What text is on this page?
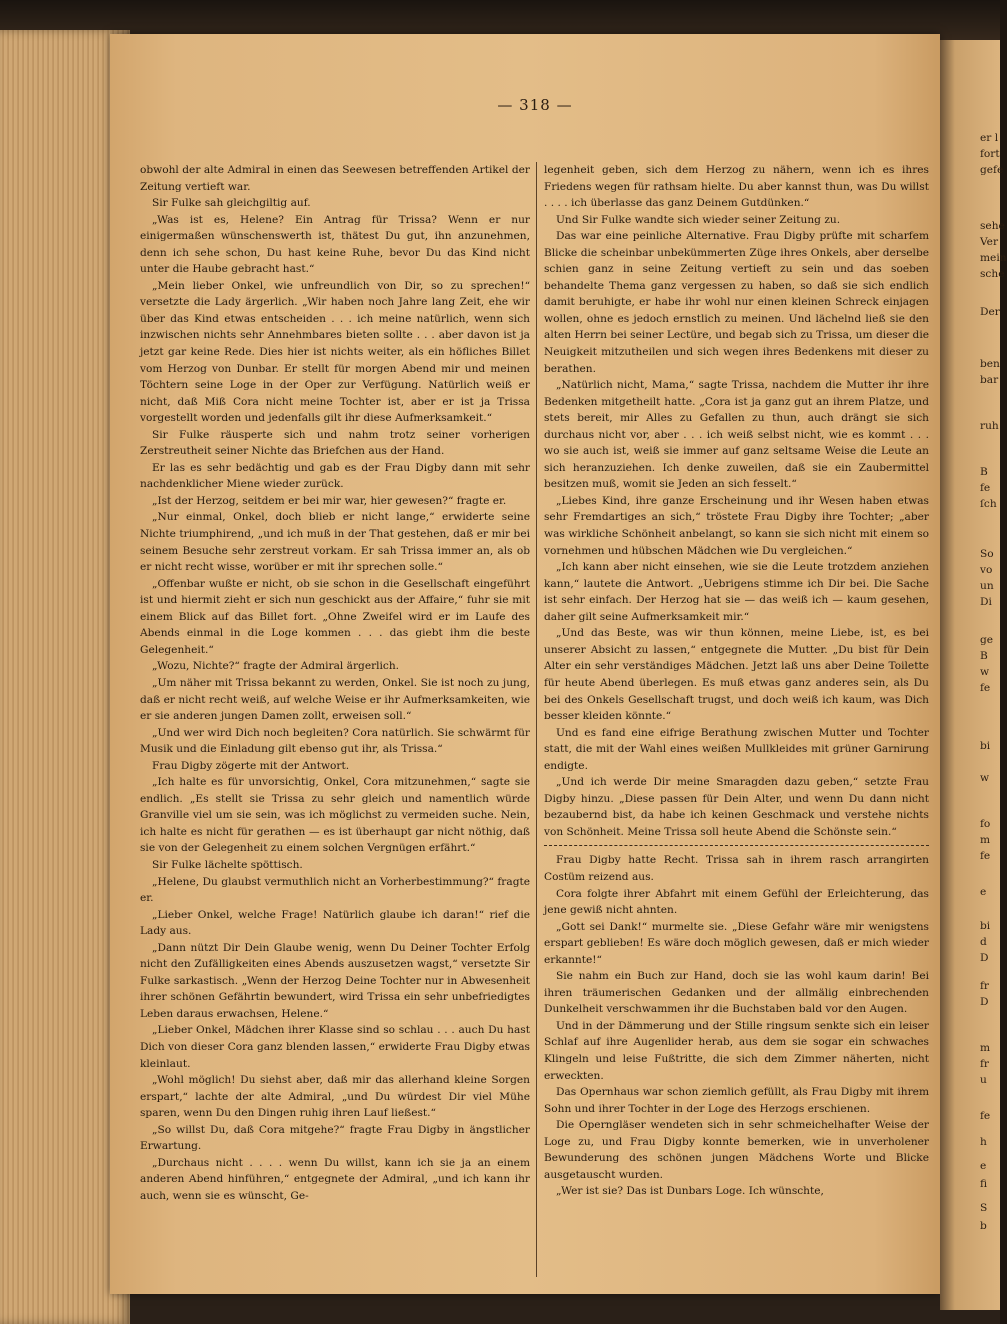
— 318 —

obwohl der alte Admiral in einen das Seewesen betreffenden Artikel der Zeitung vertieft war.

Sir Fulke sah gleichgiltig auf.

„Was ist es, Helene? Ein Antrag für Trissa? Wenn er nur einigermaßen wünschenswerth ist, thätest Du gut, ihn anzunehmen, denn ich sehe schon, Du hast keine Ruhe, bevor Du das Kind nicht unter die Haube gebracht hast.“

„Mein lieber Onkel, wie unfreundlich von Dir, so zu sprechen!“ versetzte die Lady ärgerlich. „Wir haben noch Jahre lang Zeit, ehe wir über das Kind etwas entscheiden . . . ich meine natürlich, wenn sich inzwischen nichts sehr Annehmbares bieten sollte . . . aber davon ist ja jetzt gar keine Rede. Dies hier ist nichts weiter, als ein höfliches Billet vom Herzog von Dunbar. Er stellt für morgen Abend mir und meinen Töchtern seine Loge in der Oper zur Verfügung. Natürlich weiß er nicht, daß Miß Cora nicht meine Tochter ist, aber er ist ja Trissa vorgestellt worden und jedenfalls gilt ihr diese Aufmerksamkeit.“

Sir Fulke räusperte sich und nahm trotz seiner vorherigen Zerstreutheit seiner Nichte das Briefchen aus der Hand.

Er las es sehr bedächtig und gab es der Frau Digby dann mit sehr nachdenklicher Miene wieder zurück.

„Ist der Herzog, seitdem er bei mir war, hier gewesen?“ fragte er.

„Nur einmal, Onkel, doch blieb er nicht lange,“ erwiderte seine Nichte triumphirend, „und ich muß in der That gestehen, daß er mir bei seinem Besuche sehr zerstreut vorkam. Er sah Trissa immer an, als ob er nicht recht wisse, worüber er mit ihr sprechen solle.“

„Offenbar wußte er nicht, ob sie schon in die Gesellschaft eingeführt ist und hiermit zieht er sich nun geschickt aus der Affaire,“ fuhr sie mit einem Blick auf das Billet fort. „Ohne Zweifel wird er im Laufe des Abends einmal in die Loge kommen . . . das giebt ihm die beste Gelegenheit.“

„Wozu, Nichte?“ fragte der Admiral ärgerlich.

„Um näher mit Trissa bekannt zu werden, Onkel. Sie ist noch zu jung, daß er nicht recht weiß, auf welche Weise er ihr Aufmerksamkeiten, wie er sie anderen jungen Damen zollt, erweisen soll.“

„Und wer wird Dich noch begleiten? Cora natürlich. Sie schwärmt für Musik und die Einladung gilt ebenso gut ihr, als Trissa.“

Frau Digby zögerte mit der Antwort.

„Ich halte es für unvorsichtig, Onkel, Cora mitzunehmen,“ sagte sie endlich. „Es stellt sie Trissa zu sehr gleich und namentlich würde Granville viel um sie sein, was ich möglichst zu vermeiden suche. Nein, ich halte es nicht für gerathen — es ist überhaupt gar nicht nöthig, daß sie von der Gelegenheit zu einem solchen Vergnügen erfährt.“

Sir Fulke lächelte spöttisch.

„Helene, Du glaubst vermuthlich nicht an Vorherbestimmung?“ fragte er.

„Lieber Onkel, welche Frage! Natürlich glaube ich daran!“ rief die Lady aus.

„Dann nützt Dir Dein Glaube wenig, wenn Du Deiner Tochter Erfolg nicht den Zufälligkeiten eines Abends auszusetzen wagst,“ versetzte Sir Fulke sarkastisch. „Wenn der Herzog Deine Tochter nur in Abwesenheit ihrer schönen Gefährtin bewundert, wird Trissa ein sehr unbefriedigtes Leben daraus erwachsen, Helene.“

„Lieber Onkel, Mädchen ihrer Klasse sind so schlau . . . auch Du hast Dich von dieser Cora ganz blenden lassen,“ erwiderte Frau Digby etwas kleinlaut.

„Wohl möglich! Du siehst aber, daß mir das allerhand kleine Sorgen erspart,“ lachte der alte Admiral, „und Du würdest Dir viel Mühe sparen, wenn Du den Dingen ruhig ihren Lauf ließest.“

„So willst Du, daß Cora mitgehe?“ fragte Frau Digby in ängstlicher Erwartung.

„Durchaus nicht . . . . wenn Du willst, kann ich sie ja an einem anderen Abend hinführen,“ entgegnete der Admiral, „und ich kann ihr auch, wenn sie es wünscht, Ge-

legenheit geben, sich dem Herzog zu nähern, wenn ich es ihres Friedens wegen für rathsam hielte. Du aber kannst thun, was Du willst . . . . ich überlasse das ganz Deinem Gutdünken.“

Und Sir Fulke wandte sich wieder seiner Zeitung zu.

Das war eine peinliche Alternative. Frau Digby prüfte mit scharfem Blicke die scheinbar unbekümmerten Züge ihres Onkels, aber derselbe schien ganz in seine Zeitung vertieft zu sein und das soeben behandelte Thema ganz vergessen zu haben, so daß sie sich endlich damit beruhigte, er habe ihr wohl nur einen kleinen Schreck einjagen wollen, ohne es jedoch ernstlich zu meinen. Und lächelnd ließ sie den alten Herrn bei seiner Lectüre, und begab sich zu Trissa, um dieser die Neuigkeit mitzutheilen und sich wegen ihres Bedenkens mit dieser zu berathen.

„Natürlich nicht, Mama,“ sagte Trissa, nachdem die Mutter ihr ihre Bedenken mitgetheilt hatte. „Cora ist ja ganz gut an ihrem Platze, und stets bereit, mir Alles zu Gefallen zu thun, auch drängt sie sich durchaus nicht vor, aber . . . ich weiß selbst nicht, wie es kommt . . . wo sie auch ist, weiß sie immer auf ganz seltsame Weise die Leute an sich heranzuziehen. Ich denke zuweilen, daß sie ein Zaubermittel besitzen muß, womit sie Jeden an sich fesselt.“

„Liebes Kind, ihre ganze Erscheinung und ihr Wesen haben etwas sehr Fremdartiges an sich,“ tröstete Frau Digby ihre Tochter; „aber was wirkliche Schönheit anbelangt, so kann sie sich nicht mit einem so vornehmen und hübschen Mädchen wie Du vergleichen.“

„Ich kann aber nicht einsehen, wie sie die Leute trotzdem anziehen kann,“ lautete die Antwort. „Uebrigens stimme ich Dir bei. Die Sache ist sehr einfach. Der Herzog hat sie — das weiß ich — kaum gesehen, daher gilt seine Aufmerksamkeit mir.“

„Und das Beste, was wir thun können, meine Liebe, ist, es bei unserer Absicht zu lassen,“ entgegnete die Mutter. „Du bist für Dein Alter ein sehr verständiges Mädchen. Jetzt laß uns aber Deine Toilette für heute Abend überlegen. Es muß etwas ganz anderes sein, als Du bei des Onkels Gesellschaft trugst, und doch weiß ich kaum, was Dich besser kleiden könnte.“

Und es fand eine eifrige Berathung zwischen Mutter und Tochter statt, die mit der Wahl eines weißen Mullkleides mit grüner Garnirung endigte.

„Und ich werde Dir meine Smaragden dazu geben,“ setzte Frau Digby hinzu. „Diese passen für Dein Alter, und wenn Du dann nicht bezaubernd bist, da habe ich keinen Geschmack und verstehe nichts von Schönheit. Meine Trissa soll heute Abend die Schönste sein.“

Frau Digby hatte Recht. Trissa sah in ihrem rasch arrangirten Costüm reizend aus.

Cora folgte ihrer Abfahrt mit einem Gefühl der Erleichterung, das jene gewiß nicht ahnten.

„Gott sei Dank!“ murmelte sie. „Diese Gefahr wäre mir wenigstens erspart geblieben! Es wäre doch möglich gewesen, daß er mich wieder erkannte!“

Sie nahm ein Buch zur Hand, doch sie las wohl kaum darin! Bei ihren träumerischen Gedanken und der allmälig einbrechenden Dunkelheit verschwammen ihr die Buchstaben bald vor den Augen.

Und in der Dämmerung und der Stille ringsum senkte sich ein leiser Schlaf auf ihre Augenlider herab, aus dem sie sogar ein schwaches Klingeln und leise Fußtritte, die sich dem Zimmer näherten, nicht erweckten.

Das Opernhaus war schon ziemlich gefüllt, als Frau Digby mit ihrem Sohn und ihrer Tochter in der Loge des Herzogs erschienen.

Die Operngläser wendeten sich in sehr schmeichelhafter Weise der Loge zu, und Frau Digby konnte bemerken, wie in unverholener Bewunderung des schönen jungen Mädchens Worte und Blicke ausgetauscht wurden.

„Wer ist sie? Das ist Dunbars Loge. Ich wünschte,

er l
fort
gefe
sehe
Ver
mein
sche
Der
ben
bar
ruh
B
fe
ſch
So
vo
un
Di
ge
B
w
fe
bi
w
fo
m
fe
e
bi
d
D
fr
D
m
fr
u
fe
h
e
fi
S
b
